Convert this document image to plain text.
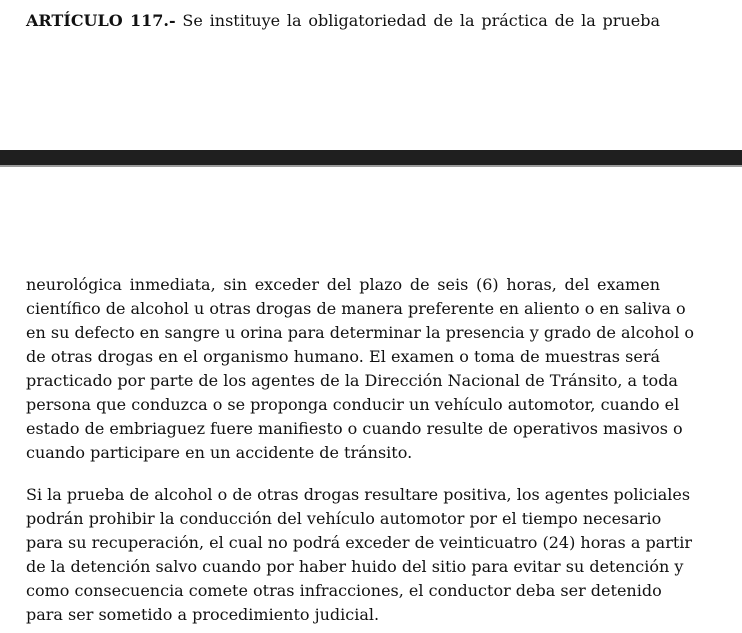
ARTÍCULO 117.- Se instituye la obligatoriedad de la práctica de la prueba
neurológica inmediata, sin exceder del plazo de seis (6) horas, del examen
científico de alcohol u otras drogas de manera preferente en aliento o en saliva o
en su defecto en sangre u orina para determinar la presencia y grado de alcohol o
de otras drogas en el organismo humano. El examen o toma de muestras será
practicado por parte de los agentes de la Dirección Nacional de Tránsito, a toda
persona que conduzca o se proponga conducir un vehículo automotor, cuando el
estado de embriaguez fuere manifiesto o cuando resulte de operativos masivos o
cuando participare en un accidente de tránsito.
Si la prueba de alcohol o de otras drogas resultare positiva, los agentes policiales
podrán prohibir la conducción del vehículo automotor por el tiempo necesario
para su recuperación, el cual no podrá exceder de veinticuatro (24) horas a partir
de la detención salvo cuando por haber huido del sitio para evitar su detención y
como consecuencia comete otras infracciones, el conductor deba ser detenido
para ser sometido a procedimiento judicial.
